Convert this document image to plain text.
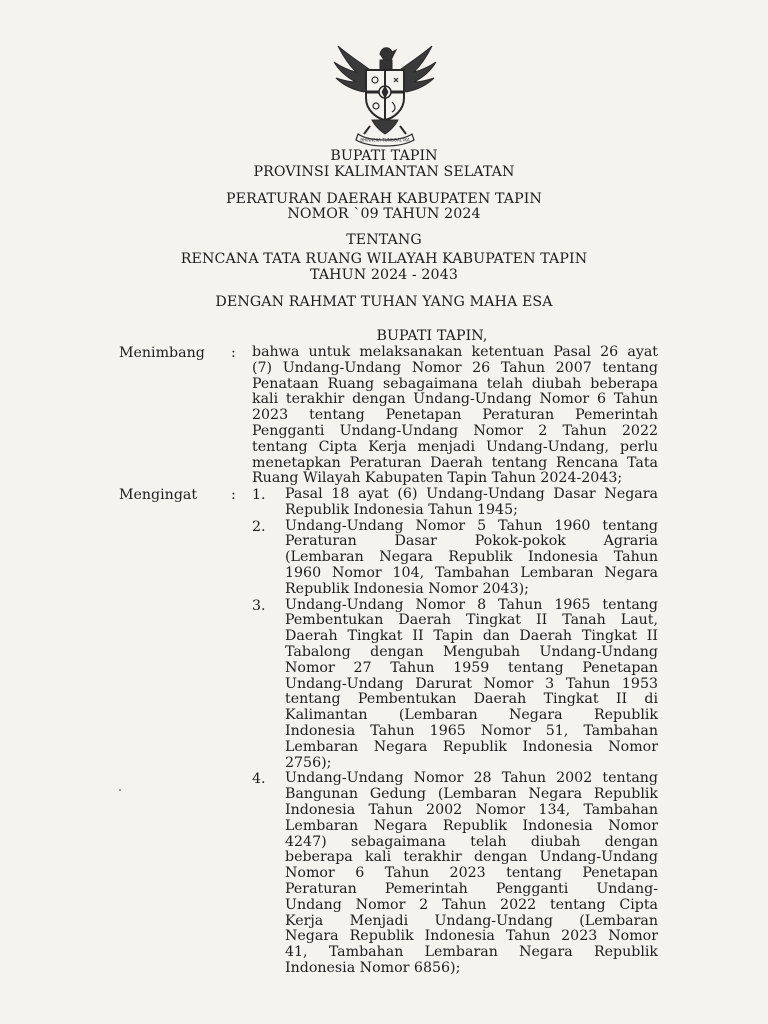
BHINNEKA TUNGGAL IKA
BUPATI TAPIN
PROVINSI KALIMANTAN SELATAN
PERATURAN DAERAH KABUPATEN TAPIN
NOMOR `09 TAHUN 2024
TENTANG
RENCANA TATA RUANG WILAYAH KABUPATEN TAPIN
TAHUN 2024 - 2043
DENGAN RAHMAT TUHAN YANG MAHA ESA
BUPATI TAPIN,
Menimbang : bahwa untuk melaksanakan ketentuan Pasal 26 ayat
(7) Undang-Undang Nomor 26 Tahun 2007 tentang
Penataan Ruang sebagaimana telah diubah beberapa
kali terakhir dengan Undang-Undang Nomor 6 Tahun
2023 tentang Penetapan Peraturan Pemerintah
Pengganti Undang-Undang Nomor 2 Tahun 2022
tentang Cipta Kerja menjadi Undang-Undang, perlu
menetapkan Peraturan Daerah tentang Rencana Tata
Ruang Wilayah Kabupaten Tapin Tahun 2024-2043;
Mengingat : 1. Pasal 18 ayat (6) Undang-Undang Dasar Negara
Republik Indonesia Tahun 1945;
2. Undang-Undang Nomor 5 Tahun 1960 tentang
Peraturan Dasar Pokok-pokok Agraria
(Lembaran Negara Republik Indonesia Tahun
1960 Nomor 104, Tambahan Lembaran Negara
Republik Indonesia Nomor 2043);
3. Undang-Undang Nomor 8 Tahun 1965 tentang
Pembentukan Daerah Tingkat II Tanah Laut,
Daerah Tingkat II Tapin dan Daerah Tingkat II
Tabalong dengan Mengubah Undang-Undang
Nomor 27 Tahun 1959 tentang Penetapan
Undang-Undang Darurat Nomor 3 Tahun 1953
tentang Pembentukan Daerah Tingkat II di
Kalimantan (Lembaran Negara Republik
Indonesia Tahun 1965 Nomor 51, Tambahan
Lembaran Negara Republik Indonesia Nomor
2756);
4. Undang-Undang Nomor 28 Tahun 2002 tentang
Bangunan Gedung (Lembaran Negara Republik
Indonesia Tahun 2002 Nomor 134, Tambahan
Lembaran Negara Republik Indonesia Nomor
4247) sebagaimana telah diubah dengan
beberapa kali terakhir dengan Undang-Undang
Nomor 6 Tahun 2023 tentang Penetapan
Peraturan Pemerintah Pengganti Undang-
Undang Nomor 2 Tahun 2022 tentang Cipta
Kerja Menjadi Undang-Undang (Lembaran
Negara Republik Indonesia Tahun 2023 Nomor
41, Tambahan Lembaran Negara Republik
Indonesia Nomor 6856);
